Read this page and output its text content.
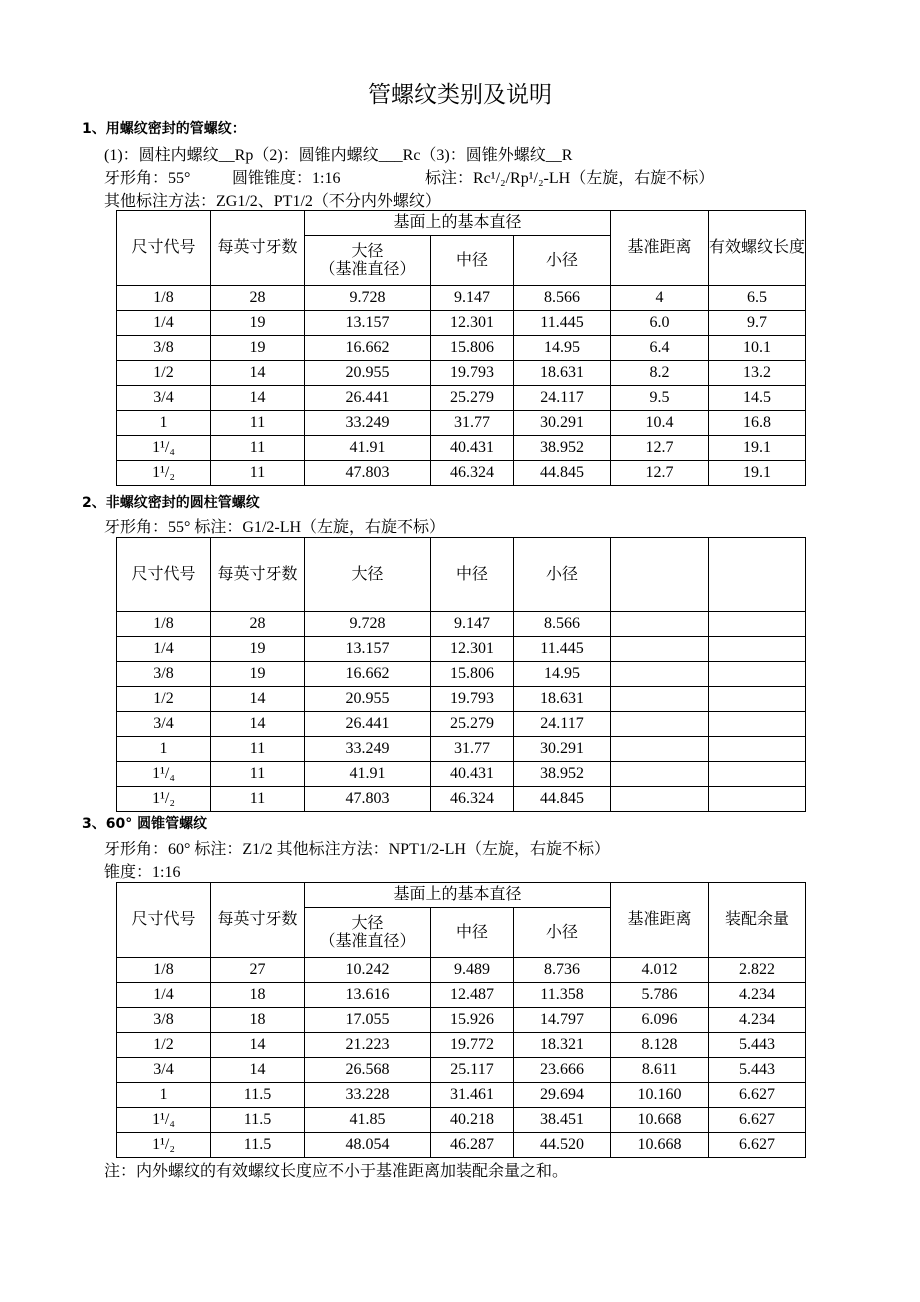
管螺纹类别及说明
1、用螺纹密封的管螺纹：
(1)：圆柱内螺纹__Rp（2)：圆锥内螺纹___Rc（3)：圆锥外螺纹__R
牙形角：55°	圆锥锥度：1:16	标注：Rc¹/₂/Rp¹/₂-LH（左旋，右旋不标）
其他标注方法：ZG1/2、PT1/2（不分内外螺纹）
尺寸代号	每英寸牙数	基面上的基本直径			基准距离	有效螺纹长度
		大径
（基准直径）	中径	小径		
1/8	28	9.728	9.147	8.566	4	6.5
1/4	19	13.157	12.301	11.445	6.0	9.7
3/8	19	16.662	15.806	14.95	6.4	10.1
1/2	14	20.955	19.793	18.631	8.2	13.2
3/4	14	26.441	25.279	24.117	9.5	14.5
1	11	33.249	31.77	30.291	10.4	16.8
1¹/₄	11	41.91	40.431	38.952	12.7	19.1
1¹/₂	11	47.803	46.324	44.845	12.7	19.1
2、非螺纹密封的圆柱管螺纹
牙形角：55° 标注：G1/2-LH（左旋，右旋不标）
尺寸代号	每英寸牙数	大径	中径	小径		
1/8	28	9.728	9.147	8.566		
1/4	19	13.157	12.301	11.445		
3/8	19	16.662	15.806	14.95		
1/2	14	20.955	19.793	18.631		
3/4	14	26.441	25.279	24.117		
1	11	33.249	31.77	30.291		
1¹/₄	11	41.91	40.431	38.952		
1¹/₂	11	47.803	46.324	44.845		
3、60° 圆锥管螺纹
牙形角：60° 标注：Z1/2 其他标注方法：NPT1/2-LH（左旋，右旋不标）
锥度：1:16
尺寸代号	每英寸牙数	基面上的基本直径			基准距离	装配余量
		大径
（基准直径）	中径	小径		
1/8	27	10.242	9.489	8.736	4.012	2.822
1/4	18	13.616	12.487	11.358	5.786	4.234
3/8	18	17.055	15.926	14.797	6.096	4.234
1/2	14	21.223	19.772	18.321	8.128	5.443
3/4	14	26.568	25.117	23.666	8.611	5.443
1	11.5	33.228	31.461	29.694	10.160	6.627
1¹/₄	11.5	41.85	40.218	38.451	10.668	6.627
1¹/₂	11.5	48.054	46.287	44.520	10.668	6.627
注：内外螺纹的有效螺纹长度应不小于基准距离加装配余量之和。
